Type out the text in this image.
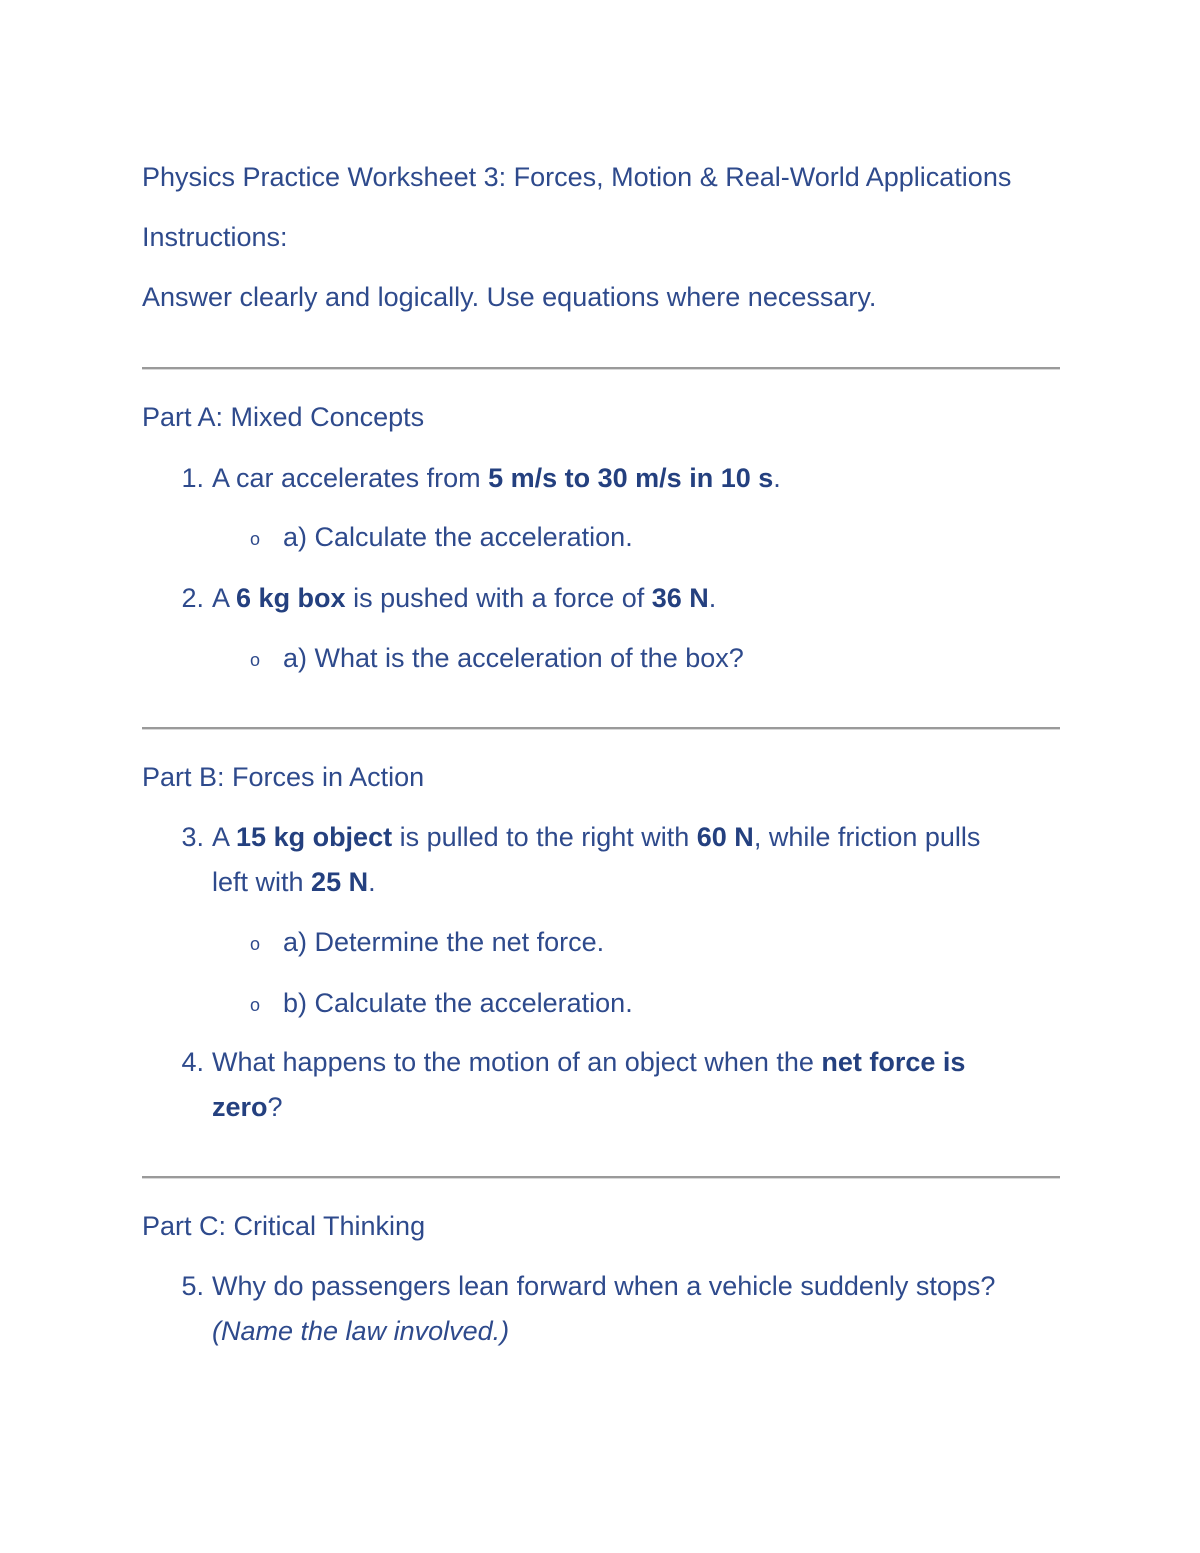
Physics Practice Worksheet 3: Forces, Motion & Real-World Applications
Instructions:
Answer clearly and logically. Use equations where necessary.
Part A: Mixed Concepts
1. A car accelerates from 5 m/s to 30 m/s in 10 s.
o a) Calculate the acceleration.
2. A 6 kg box is pushed with a force of 36 N.
o a) What is the acceleration of the box?
Part B: Forces in Action
3. A 15 kg object is pulled to the right with 60 N, while friction pulls
left with 25 N.
o a) Determine the net force.
o b) Calculate the acceleration.
4. What happens to the motion of an object when the net force is
zero?
Part C: Critical Thinking
5. Why do passengers lean forward when a vehicle suddenly stops?
(Name the law involved.)
